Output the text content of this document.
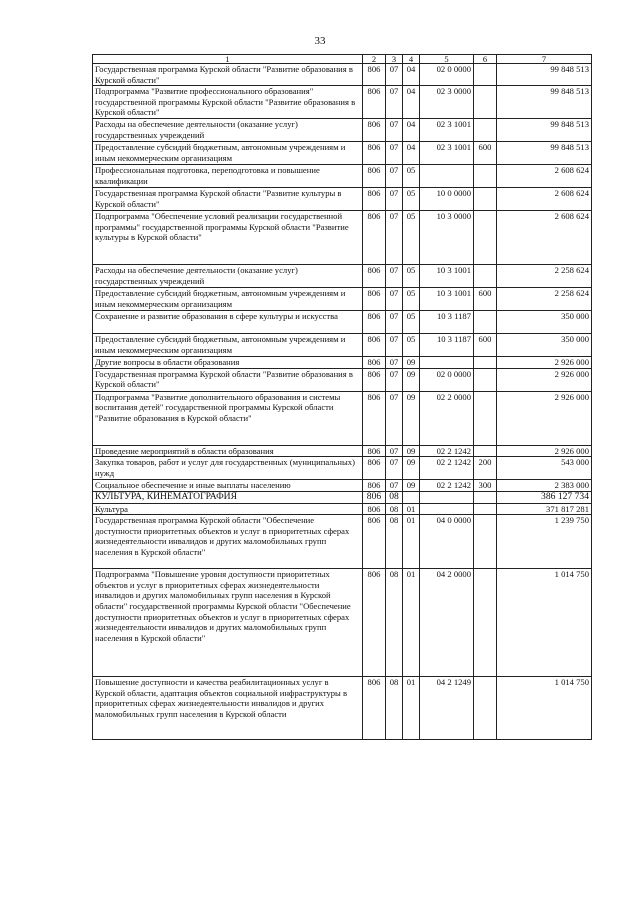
33
1	2	3	4	5	6	7
Государственная программа Курской области "Развитие образования в Курской области"	806	07	04	02 0 0000		99 848 513
Подпрограмма "Развитие профессионального образования" государственной программы Курской области "Развитие образования в Курской области"	806	07	04	02 3 0000		99 848 513
Расходы на обеспечение деятельности (оказание услуг) государственных учреждений	806	07	04	02 3 1001		99 848 513
Предоставление субсидий бюджетным, автономным учреждениям и иным некоммерческим организациям	806	07	04	02 3 1001	600	99 848 513
Профессиональная подготовка, переподготовка и повышение квалификации	806	07	05			2 608 624
Государственная программа Курской области "Развитие культуры в Курской области"	806	07	05	10 0 0000		2 608 624
Подпрограмма "Обеспечение условий реализации государственной программы" государственной программы Курской области "Развитие культуры в Курской области"	806	07	05	10 3 0000		2 608 624
Расходы на обеспечение деятельности (оказание услуг) государственных учреждений	806	07	05	10 3 1001		2 258 624
Предоставление субсидий бюджетным, автономным учреждениям и иным некоммерческим организациям	806	07	05	10 3 1001	600	2 258 624
Сохранение и развитие образования в сфере культуры и искусства	806	07	05	10 3 1187		350 000
Предоставление субсидий бюджетным, автономным учреждениям и иным некоммерческим организациям	806	07	05	10 3 1187	600	350 000
Другие вопросы в области образования	806	07	09			2 926 000
Государственная программа Курской области "Развитие образования в Курской области"	806	07	09	02 0 0000		2 926 000
Подпрограмма "Развитие дополнительного образования и системы воспитания детей" государственной программы Курской области "Развитие образования в Курской области"	806	07	09	02 2 0000		2 926 000
Проведение мероприятий в области образования	806	07	09	02 2 1242		2 926 000
Закупка товаров, работ и услуг для государственных (муниципальных) нужд	806	07	09	02 2 1242	200	543 000
Социальное обеспечение и иные выплаты населению	806	07	09	02 2 1242	300	2 383 000
КУЛЬТУРА, КИНЕМАТОГРАФИЯ	806	08				386 127 734
Культура	806	08	01			371 817 281
Государственная программа Курской области "Обеспечение доступности приоритетных объектов и услуг в приоритетных сферах жизнедеятельности инвалидов и других маломобильных групп населения в Курской области"	806	08	01	04 0 0000		1 239 750
Подпрограмма "Повышение уровня доступности приоритетных объектов и услуг в приоритетных сферах жизнедеятельности инвалидов и других маломобильных групп населения в Курской области" государственной программы Курской области "Обеспечение доступности приоритетных объектов и услуг в приоритетных сферах жизнедеятельности инвалидов и других маломобильных групп населения в Курской области"	806	08	01	04 2 0000		1 014 750
Повышение доступности и качества реабилитационных услуг в Курской области, адаптация объектов социальной инфраструктуры в приоритетных сферах жизнедеятельности инвалидов и других маломобильных групп населения в Курской области	806	08	01	04 2 1249		1 014 750
